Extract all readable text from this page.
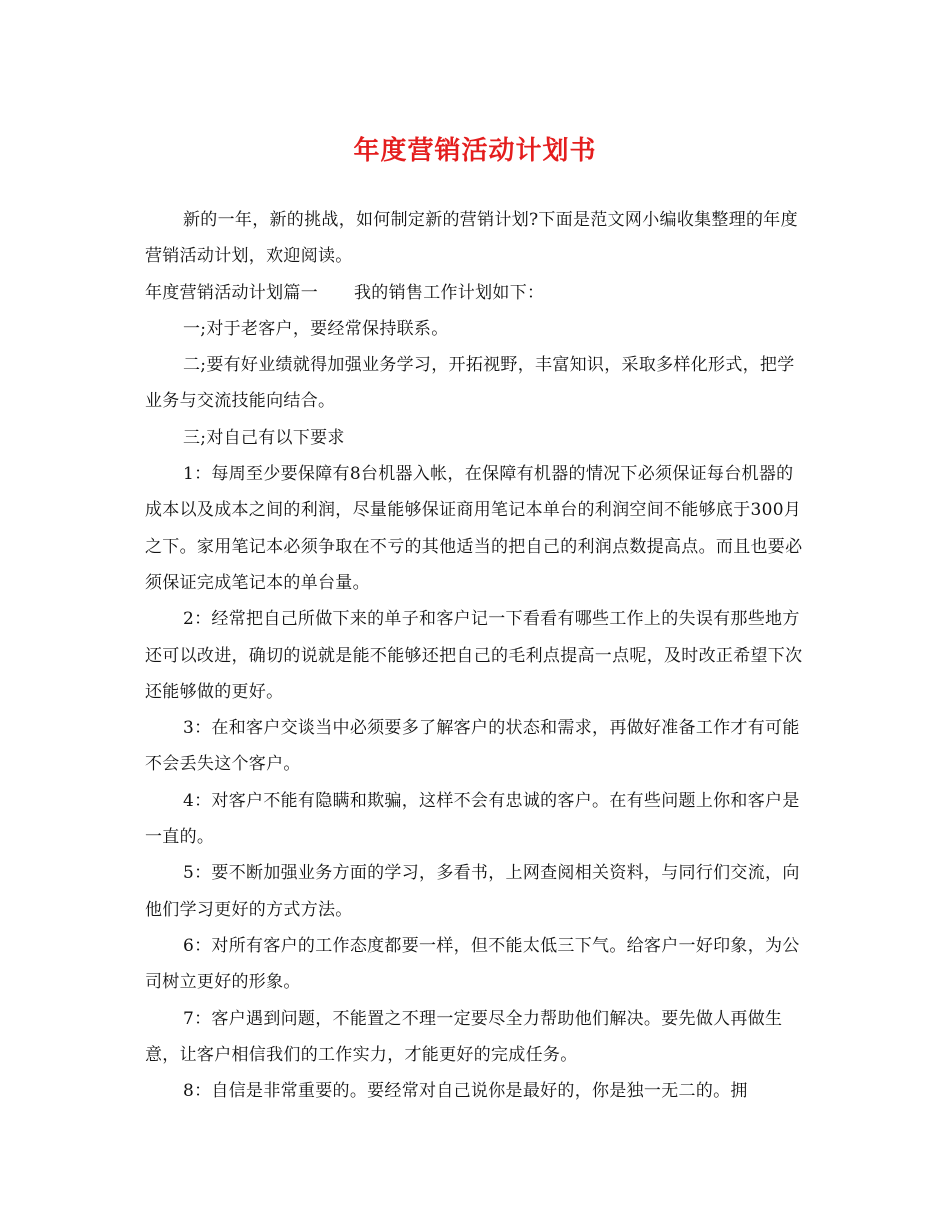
年度营销活动计划书

新的一年，新的挑战，如何制定新的营销计划?下面是范文网小编收集整理的年度营销活动计划，欢迎阅读。

年度营销活动计划篇一 我的销售工作计划如下：

一;对于老客户，要经常保持联系。

二;要有好业绩就得加强业务学习，开拓视野，丰富知识，采取多样化形式，把学业务与交流技能向结合。

三;对自己有以下要求

1：每周至少要保障有8台机器入帐，在保障有机器的情况下必须保证每台机器的成本以及成本之间的利润，尽量能够保证商用笔记本单台的利润空间不能够底于300月之下。家用笔记本必须争取在不亏的其他适当的把自己的利润点数提高点。而且也要必须保证完成笔记本的单台量。

2：经常把自己所做下来的单子和客户记一下看看有哪些工作上的失误有那些地方还可以改进，确切的说就是能不能够还把自己的毛利点提高一点呢，及时改正希望下次还能够做的更好。

3：在和客户交谈当中必须要多了解客户的状态和需求，再做好准备工作才有可能不会丢失这个客户。

4：对客户不能有隐瞒和欺骗，这样不会有忠诚的客户。在有些问题上你和客户是一直的。

5：要不断加强业务方面的学习，多看书，上网查阅相关资料，与同行们交流，向他们学习更好的方式方法。

6：对所有客户的工作态度都要一样，但不能太低三下气。给客户一好印象，为公司树立更好的形象。

7：客户遇到问题，不能置之不理一定要尽全力帮助他们解决。要先做人再做生意，让客户相信我们的工作实力，才能更好的完成任务。

8：自信是非常重要的。要经常对自己说你是最好的，你是独一无二的。拥
